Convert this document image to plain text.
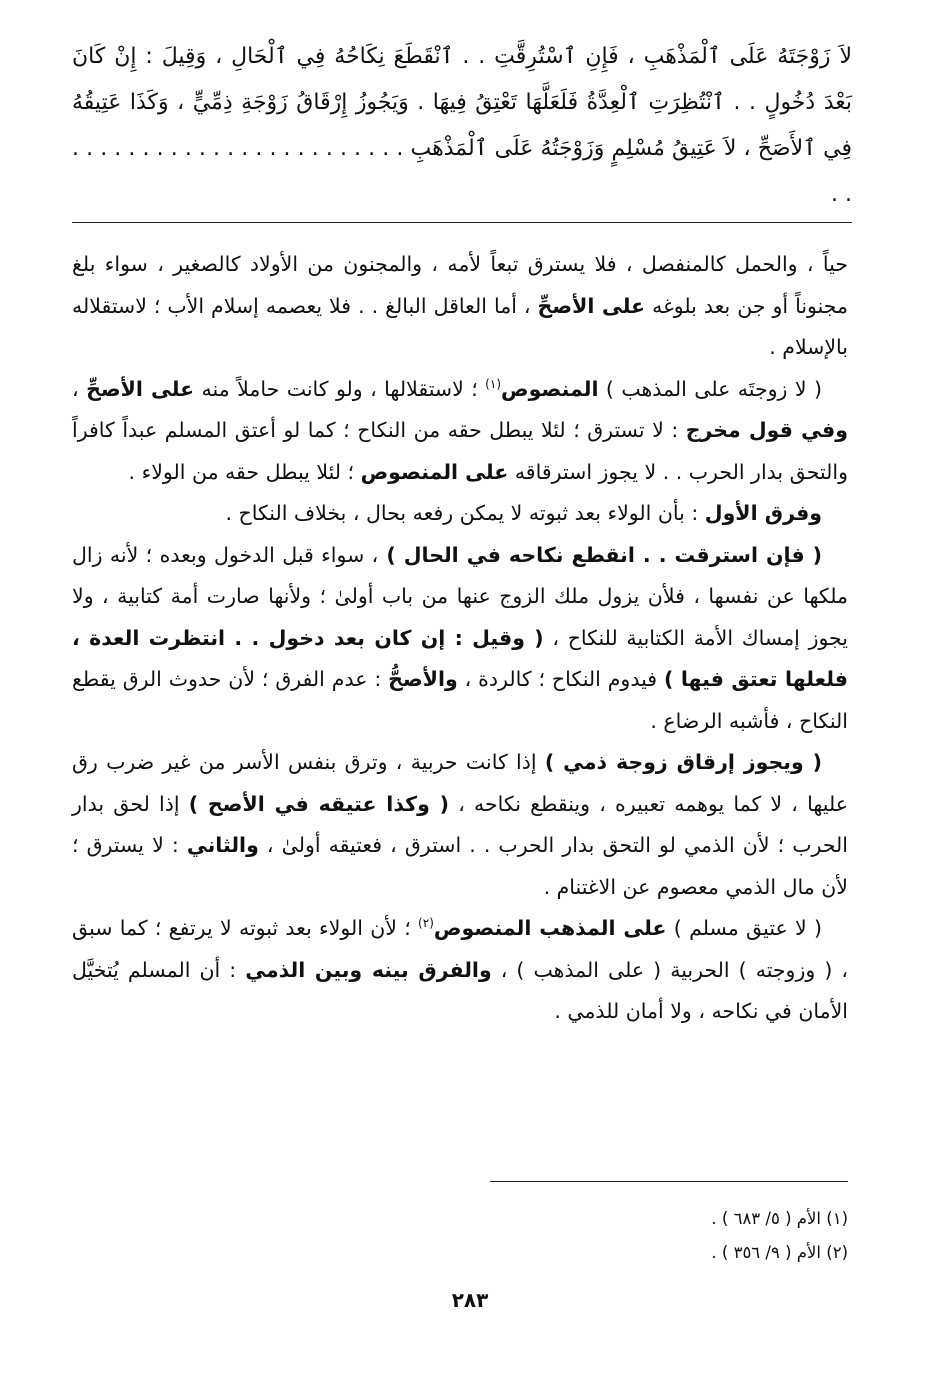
لاَ زَوْجَتَهُ عَلَى ٱلْمَذْهَبِ ، فَإِنِ ٱسْتُرِقَّتِ . . ٱنْقَطَعَ نِكَاحُهُ فِي ٱلْحَالِ ، وَقِيلَ : إِنْ كَانَ بَعْدَ دُخُولٍ . . ٱنْتُظِرَتِ ٱلْعِدَّةُ فَلَعَلَّهَا تَعْتِقُ فِيهَا . وَيَجُوزُ إِرْقَاقُ زَوْجَةِ ذِمِّيٍّ ، وَكَذَا عَتِيقُهُ فِي ٱلأَصَحِّ ، لاَ عَتِيقُ مُسْلِمٍ وَزَوْجَتُهُ عَلَى ٱلْمَذْهَبِ . . . . . . . . . . . . . . . . . . . . . . . . . .

حياً ، والحمل كالمنفصل ، فلا يسترق تبعاً لأمه ، والمجنون من الأولاد كالصغير ، سواء بلغ مجنوناً أو جن بعد بلوغه على الأصحِّ ، أما العاقل البالغ . . فلا يعصمه إسلام الأب ؛ لاستقلاله بالإسلام .

( لا زوجتَه على المذهب ) المنصوص$^{(١)}$ ؛ لاستقلالها ، ولو كانت حاملاً منه على الأصحِّ ، وفي قول مخرج : لا تسترق ؛ لئلا يبطل حقه من النكاح ؛ كما لو أعتق المسلم عبداً كافراً والتحق بدار الحرب . . لا يجوز استرقاقه على المنصوص ؛ لئلا يبطل حقه من الولاء .

وفرق الأول : بأن الولاء بعد ثبوته لا يمكن رفعه بحال ، بخلاف النكاح .

( فإن استرقت . . انقطع نكاحه في الحال ) ، سواء قبل الدخول وبعده ؛ لأنه زال ملكها عن نفسها ، فلأن يزول ملك الزوج عنها من باب أولىٰ ؛ ولأنها صارت أمة كتابية ، ولا يجوز إمساك الأمة الكتابية للنكاح ، ( وقيل : إن كان بعد دخول . . انتظرت العدة ، فلعلها تعتق فيها ) فيدوم النكاح ؛ كالردة ، والأصحُّ : عدم الفرق ؛ لأن حدوث الرق يقطع النكاح ، فأشبه الرضاع .

( ويجوز إرقاق زوجة ذمي ) إذا كانت حربية ، وترق بنفس الأسر من غير ضرب رق عليها ، لا كما يوهمه تعبيره ، وينقطع نكاحه ، ( وكذا عتيقه في الأصح ) إذا لحق بدار الحرب ؛ لأن الذمي لو التحق بدار الحرب . . استرق ، فعتيقه أولىٰ ، والثاني : لا يسترق ؛ لأن مال الذمي معصوم عن الاغتنام .

( لا عتيق مسلم ) على المذهب المنصوص$^{(٢)}$ ؛ لأن الولاء بعد ثبوته لا يرتفع ؛ كما سبق ، ( وزوجته ) الحربية ( على المذهب ) ، والفرق بينه وبين الذمي : أن المسلم يُتخيَّل الأمان في نكاحه ، ولا أمان للذمي .

(١) الأم ( ٥/ ٦٨٣ ) .

(٢) الأم ( ٩/ ٣٥٦ ) .

٢٨٣
